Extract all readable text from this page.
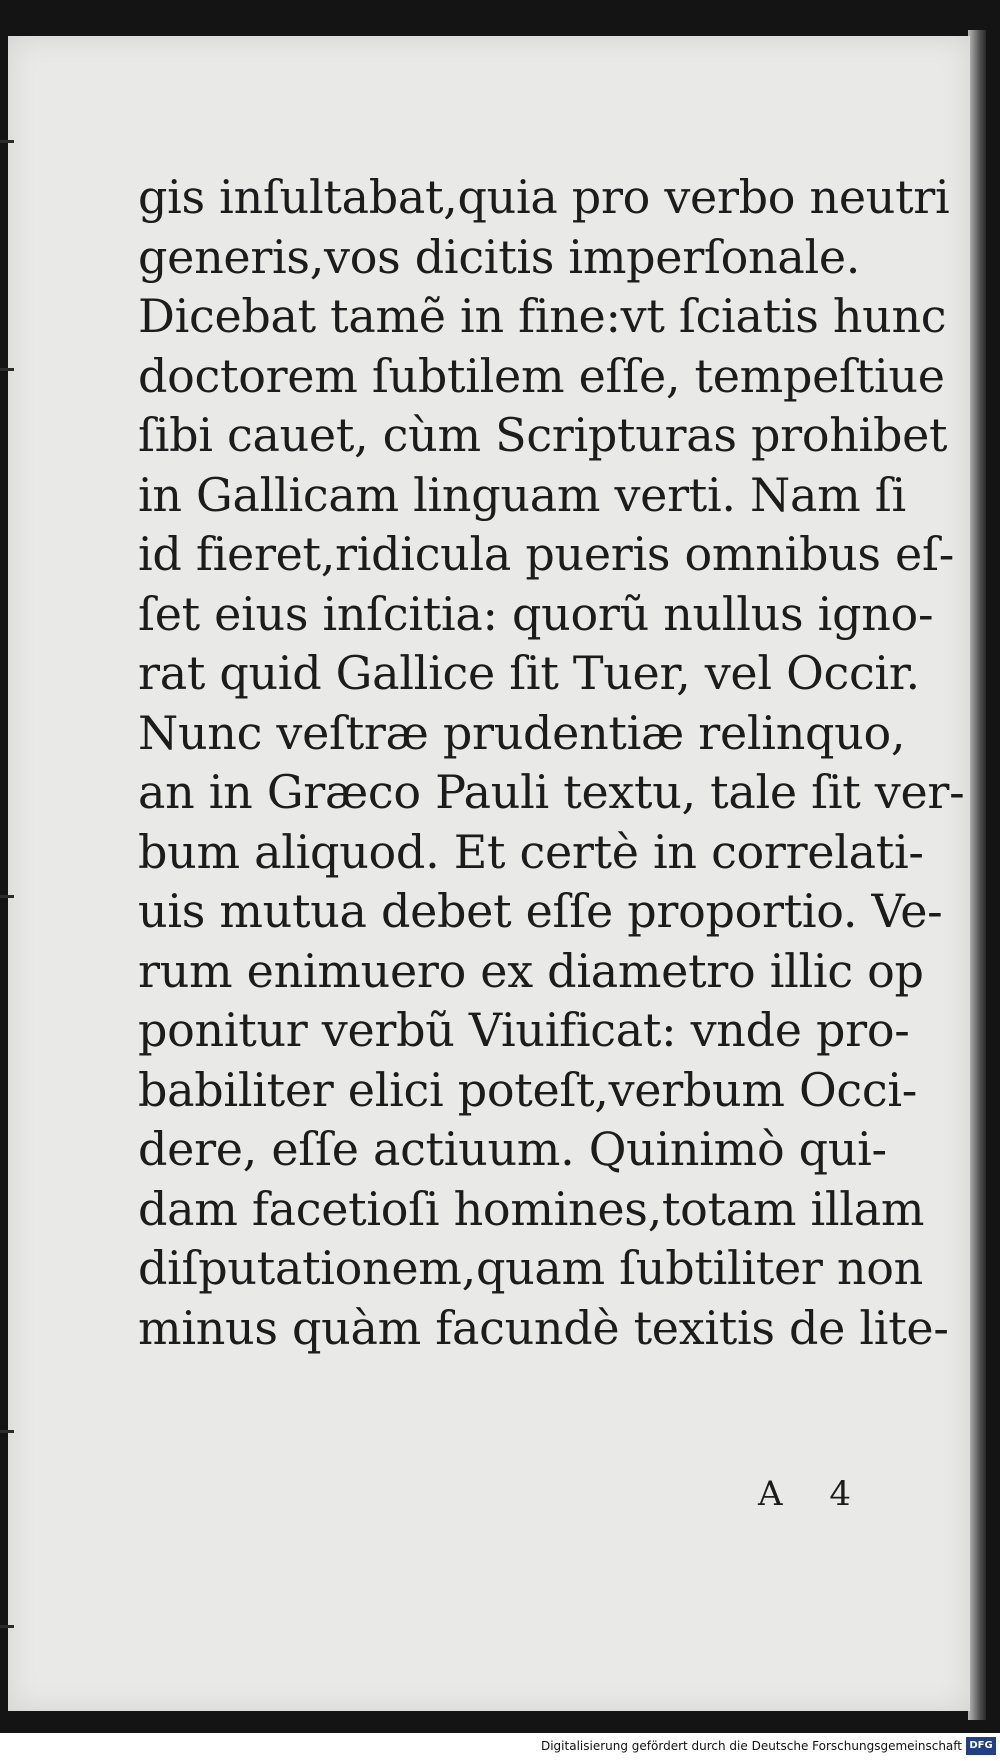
gis inſultabat,quia pro verbo neutri
generis,vos dicitis imperſonale.
Dicebat tamẽ in fine:vt ſciatis hunc
doctorem ſubtilem eſſe, tempeſtiue
ſibi cauet, cùm Scripturas prohibet
in Gallicam linguam verti. Nam ſi
id fieret,ridicula pueris omnibus eſ-
ſet eius inſcitia: quorũ nullus igno-
rat quid Gallice ſit Tuer, vel Occir.
Nunc veſtræ prudentiæ relinquo,
an in Græco Pauli textu, tale ſit ver-
bum aliquod. Et certè in correlati-
uis mutua debet eſſe proportio. Ve-
rum enimuero ex diametro illic op
ponitur verbũ Viuificat: vnde pro-
babiliter elici poteſt,verbum Occi-
dere, eſſe actiuum. Quinimò qui-
dam facetioſi homines,totam illam
diſputationem,quam ſubtiliter non
minus quàm facundè texitis de lite-
A 4
Digitalisierung gefördert durch die Deutsche Forschungsgemeinschaft DFG
